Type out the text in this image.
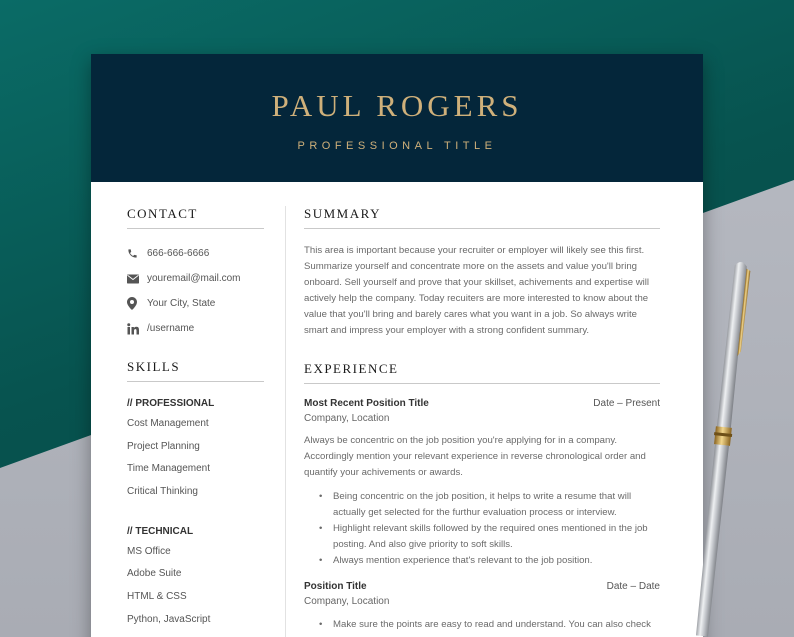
PAUL ROGERS
PROFESSIONAL TITLE
CONTACT
666-666-6666
youremail@mail.com
Your City, State
/username
SKILLS
// PROFESSIONAL
Cost Management
Project Planning
Time Management
Critical Thinking
// TECHNICAL
MS Office
Adobe Suite
HTML & CSS
Python, JavaScript
SUMMARY

This area is important because your recruiter or employer will likely see this first. Summarize yourself and concentrate more on the assets and value you'll bring onboard. Sell yourself and prove that your skillset, achivements and expertise will actively help the company. Today recuiters are more interested to know about the value that you'll bring and barely cares what you want in a job. So always write smart and impress your employer with a strong confident summary.

EXPERIENCE
Most Recent Position Title	Date – Present
Company, Location

Always be concentric on the job position you're applying for in a company. Accordingly mention your relevant experience in reverse chronological order and quantify your achivements or awards.

• Being concentric on the job position, it helps to write a resume that will actually get selected for the furthur evaluation process or interview.
• Highlight relevant skills followed by the required ones mentioned in the job posting. And also give priority to soft skills.
• Always mention experience that's relevant to the job position.
Position Title	Date – Date
Company, Location
• Make sure the points are easy to read and understand. You can also check
